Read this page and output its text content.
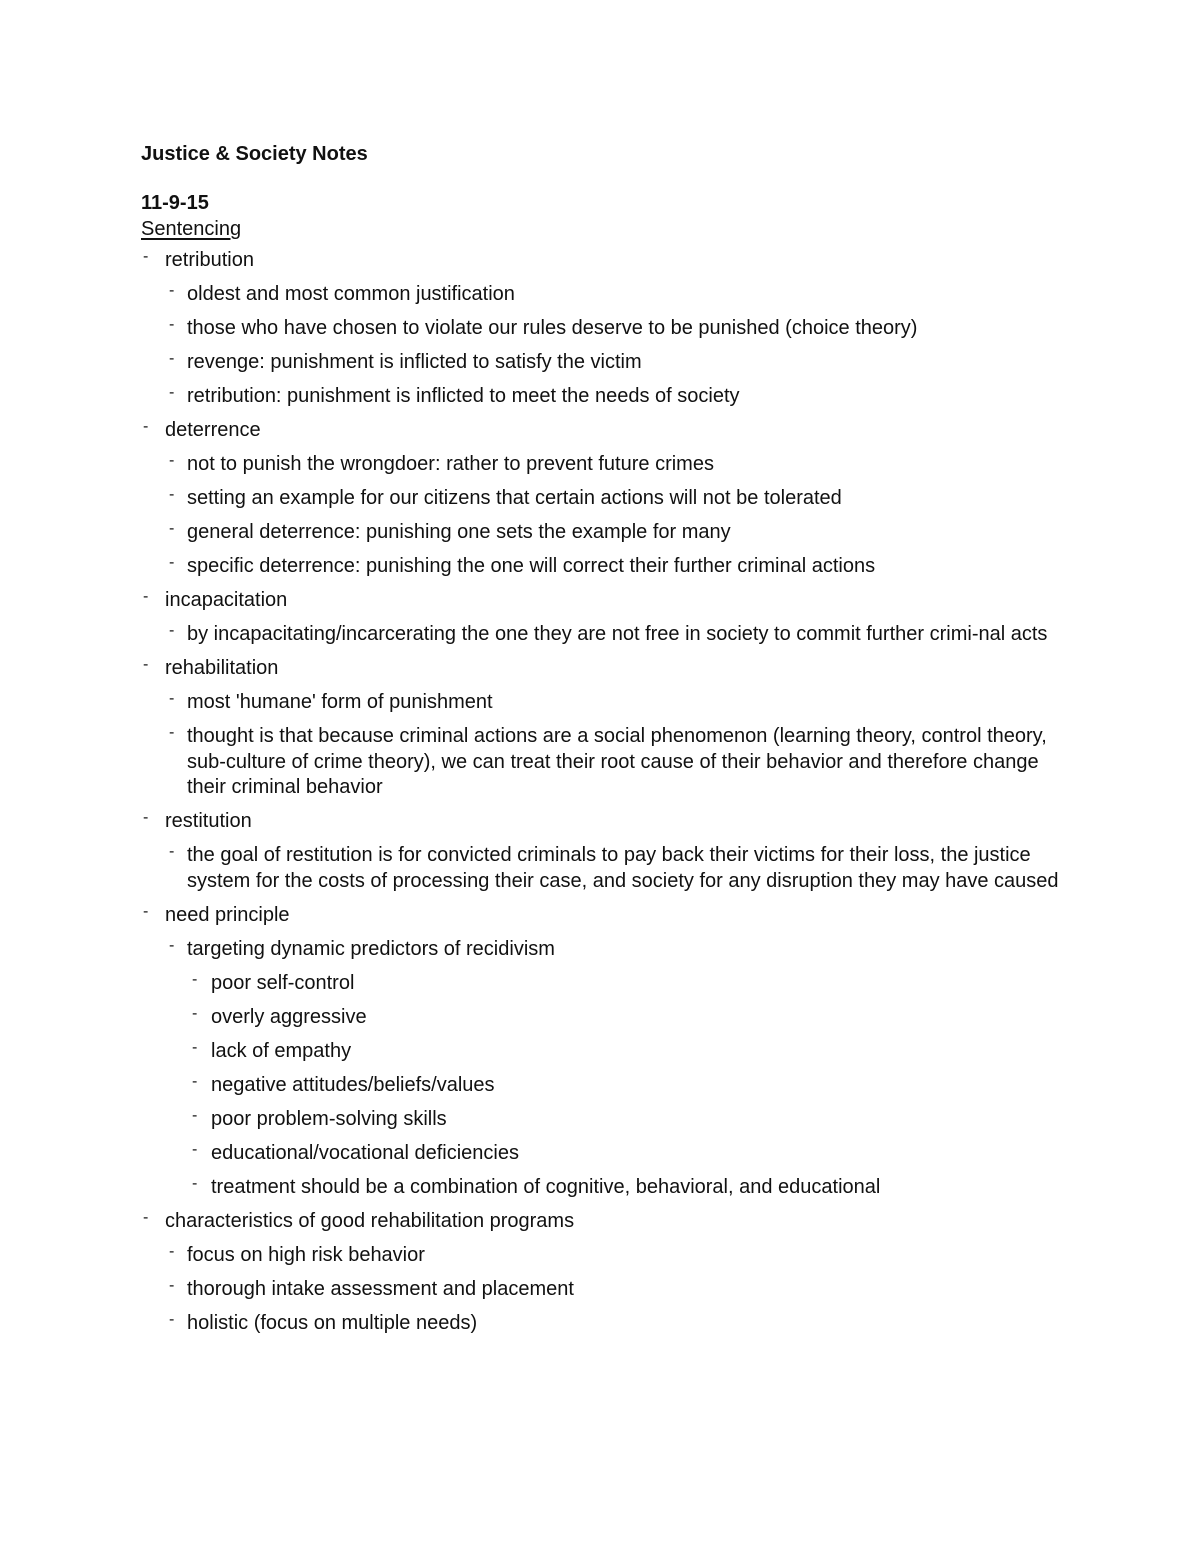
Justice & Society Notes
11-9-15
Sentencing
- retribution
- oldest and most common justification
- those who have chosen to violate our rules deserve to be punished (choice theory)
- revenge: punishment is inflicted to satisfy the victim
- retribution: punishment is inflicted to meet the needs of society
- deterrence
- not to punish the wrongdoer: rather to prevent future crimes
- setting an example for our citizens that certain actions will not be tolerated
- general deterrence: punishing one sets the example for many
- specific deterrence: punishing the one will correct their further criminal actions
- incapacitation
- by incapacitating/incarcerating the one they are not free in society to commit further crimi-nal acts
- rehabilitation
- most 'humane' form of punishment
- thought is that because criminal actions are a social phenomenon (learning theory, control theory, sub-culture of crime theory), we can treat their root cause of their behavior and therefore change their criminal behavior
- restitution
- the goal of restitution is for convicted criminals to pay back their victims for their loss, the justice system for the costs of processing their case, and society for any disruption they may have caused
- need principle
- targeting dynamic predictors of recidivism
- poor self-control
- overly aggressive
- lack of empathy
- negative attitudes/beliefs/values
- poor problem-solving skills
- educational/vocational deficiencies
- treatment should be a combination of cognitive, behavioral, and educational
- characteristics of good rehabilitation programs
- focus on high risk behavior
- thorough intake assessment and placement
- holistic (focus on multiple needs)
